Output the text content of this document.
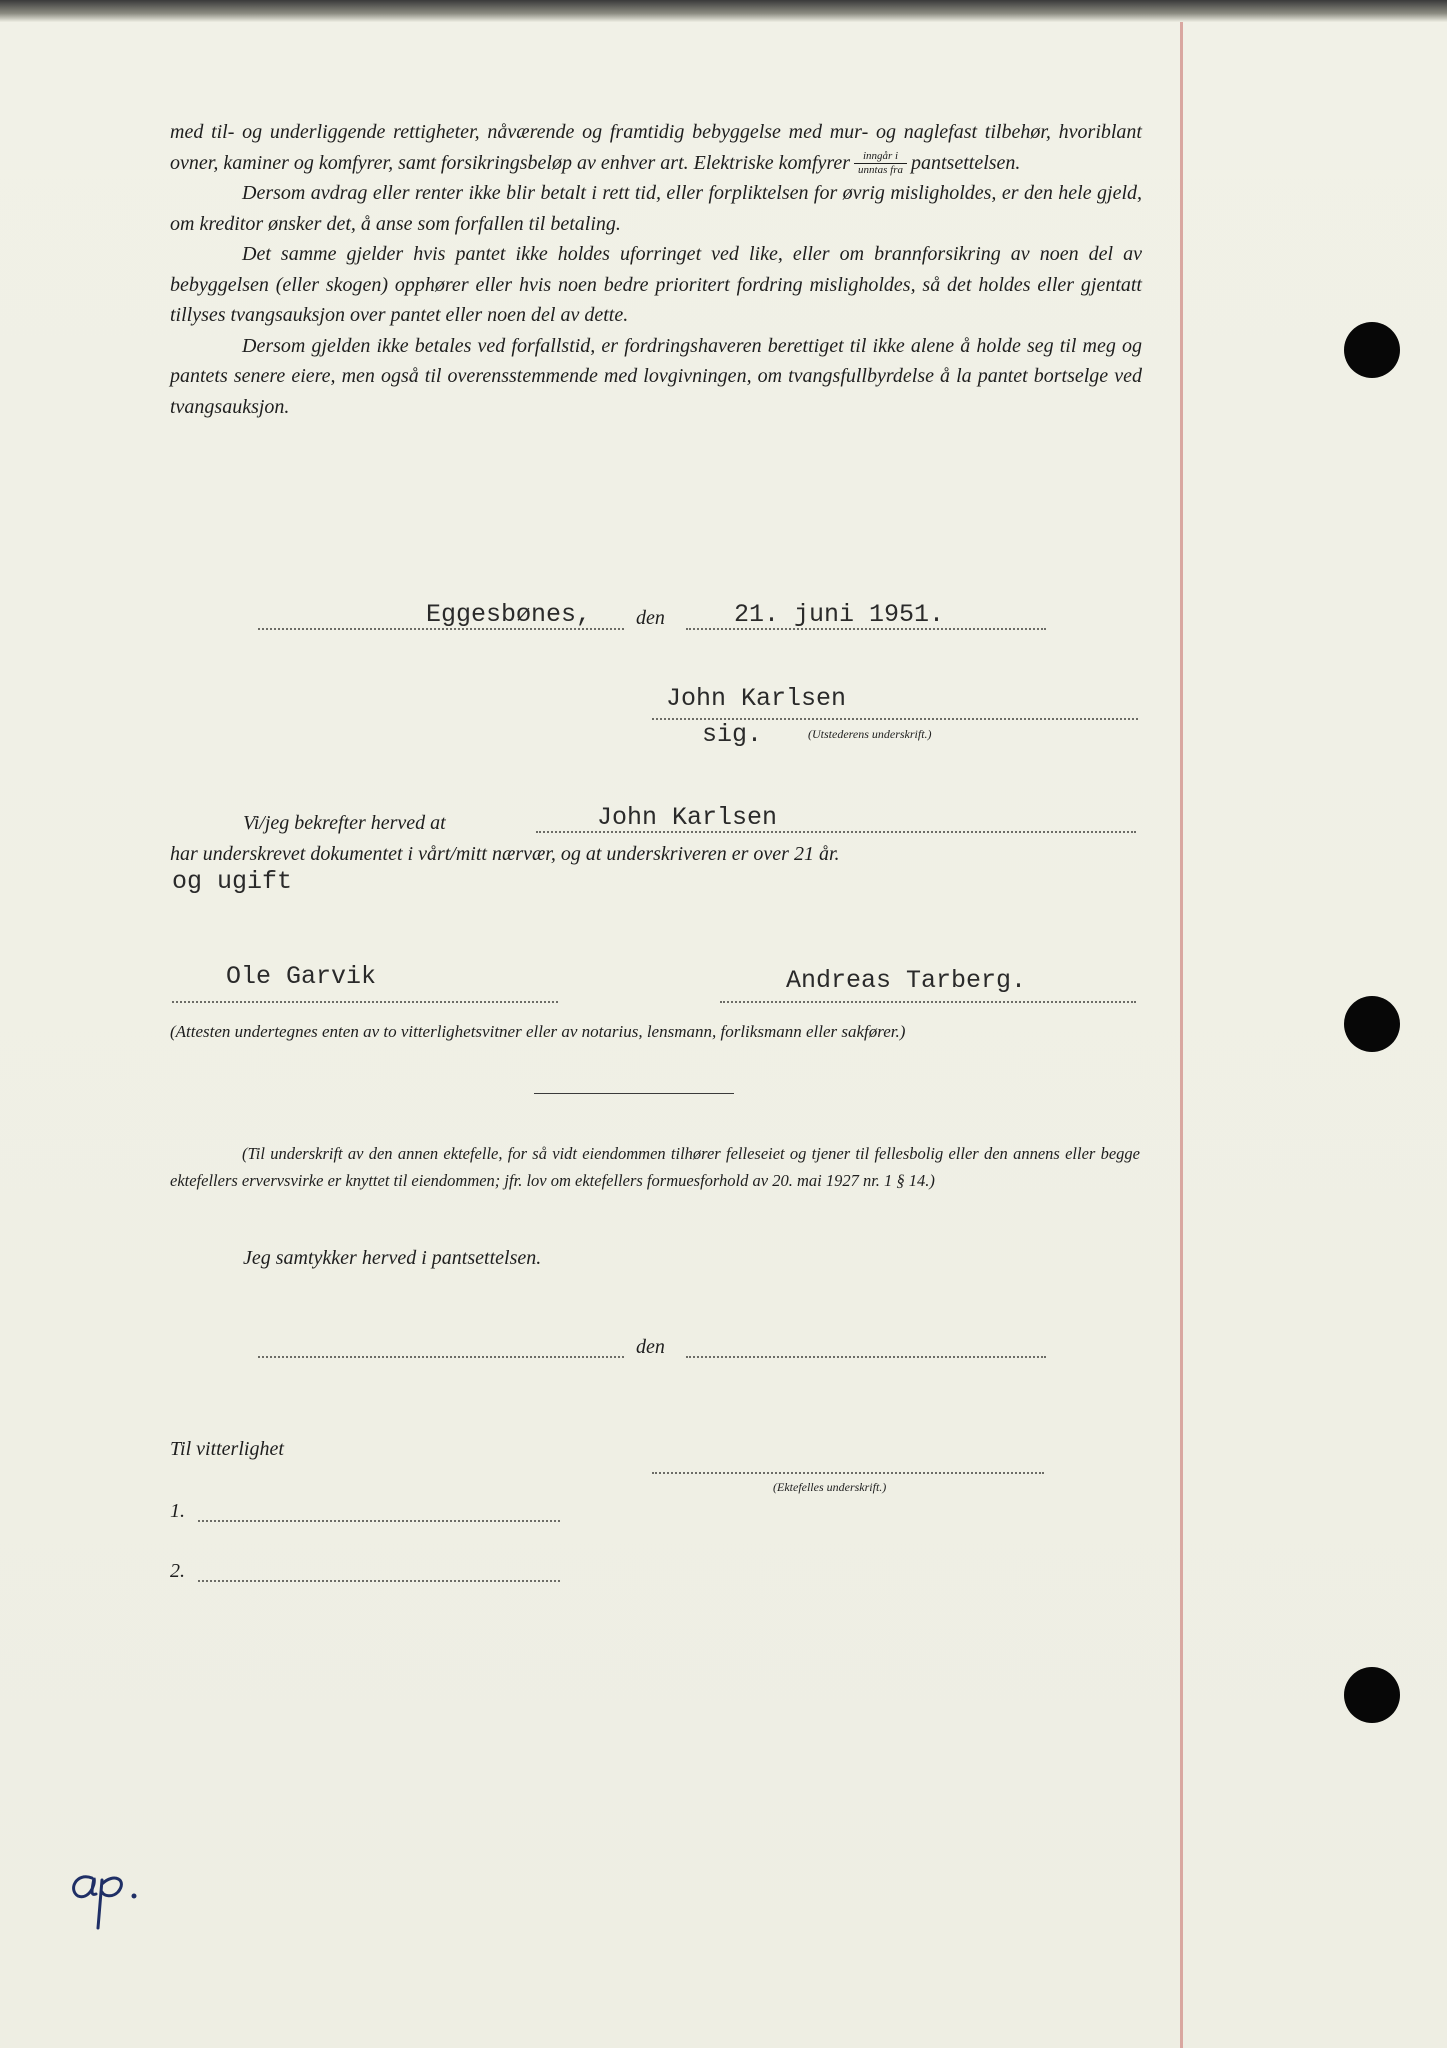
med til- og underliggende rettigheter, nåværende og framtidig bebyggelse med mur- og naglefast tilbehør, hvoriblant ovner, kaminer og komfyrer, samt forsikringsbeløp av enhver art. Elektriske komfyrer $\frac{\text{inngår i}}{\text{unntas fra}}$ pantsettelsen.

Dersom avdrag eller renter ikke blir betalt i rett tid, eller forpliktelsen for øvrig misligholdes, er den hele gjeld, om kreditor ønsker det, å anse som forfallen til betaling.

Det samme gjelder hvis pantet ikke holdes uforringet ved like, eller om brannforsikring av noen del av bebyggelsen (eller skogen) opphører eller hvis noen bedre prioritert fordring misligholdes, så det holdes eller gjentatt tillyses tvangsauksjon over pantet eller noen del av dette.

Dersom gjelden ikke betales ved forfallstid, er fordringshaveren berettiget til ikke alene å holde seg til meg og pantets senere eiere, men også til overensstemmende med lovgivningen, om tvangsfullbyrdelse å la pantet bortselge ved tvangsauksjon.

Eggesbønes, den	21. juni 1951.
John Karlsen
sig.	(Utstederens underskrift.)
Vi/jeg bekrefter herved at	John Karlsen
har underskrevet dokumentet i vårt/mitt nærvær, og at underskriveren er over 21 år.
og ugift
Ole Garvik	Andreas Tarberg.
(Attesten undertegnes enten av to vitterlighetsvitner eller av notarius, lensmann, forliksmann eller sakfører.)
(Til underskrift av den annen ektefelle, for så vidt eiendommen tilhører felleseiet og tjener til fellesbolig eller den annens eller begge ektefellers ervervsvirke er knyttet til eiendommen; jfr. lov om ektefellers formuesforhold av 20. mai 1927 nr. 1 § 14.)
Jeg samtykker herved i pantsettelsen.
den
Til vitterlighet
(Ektefelles underskrift.)
1.
2.
